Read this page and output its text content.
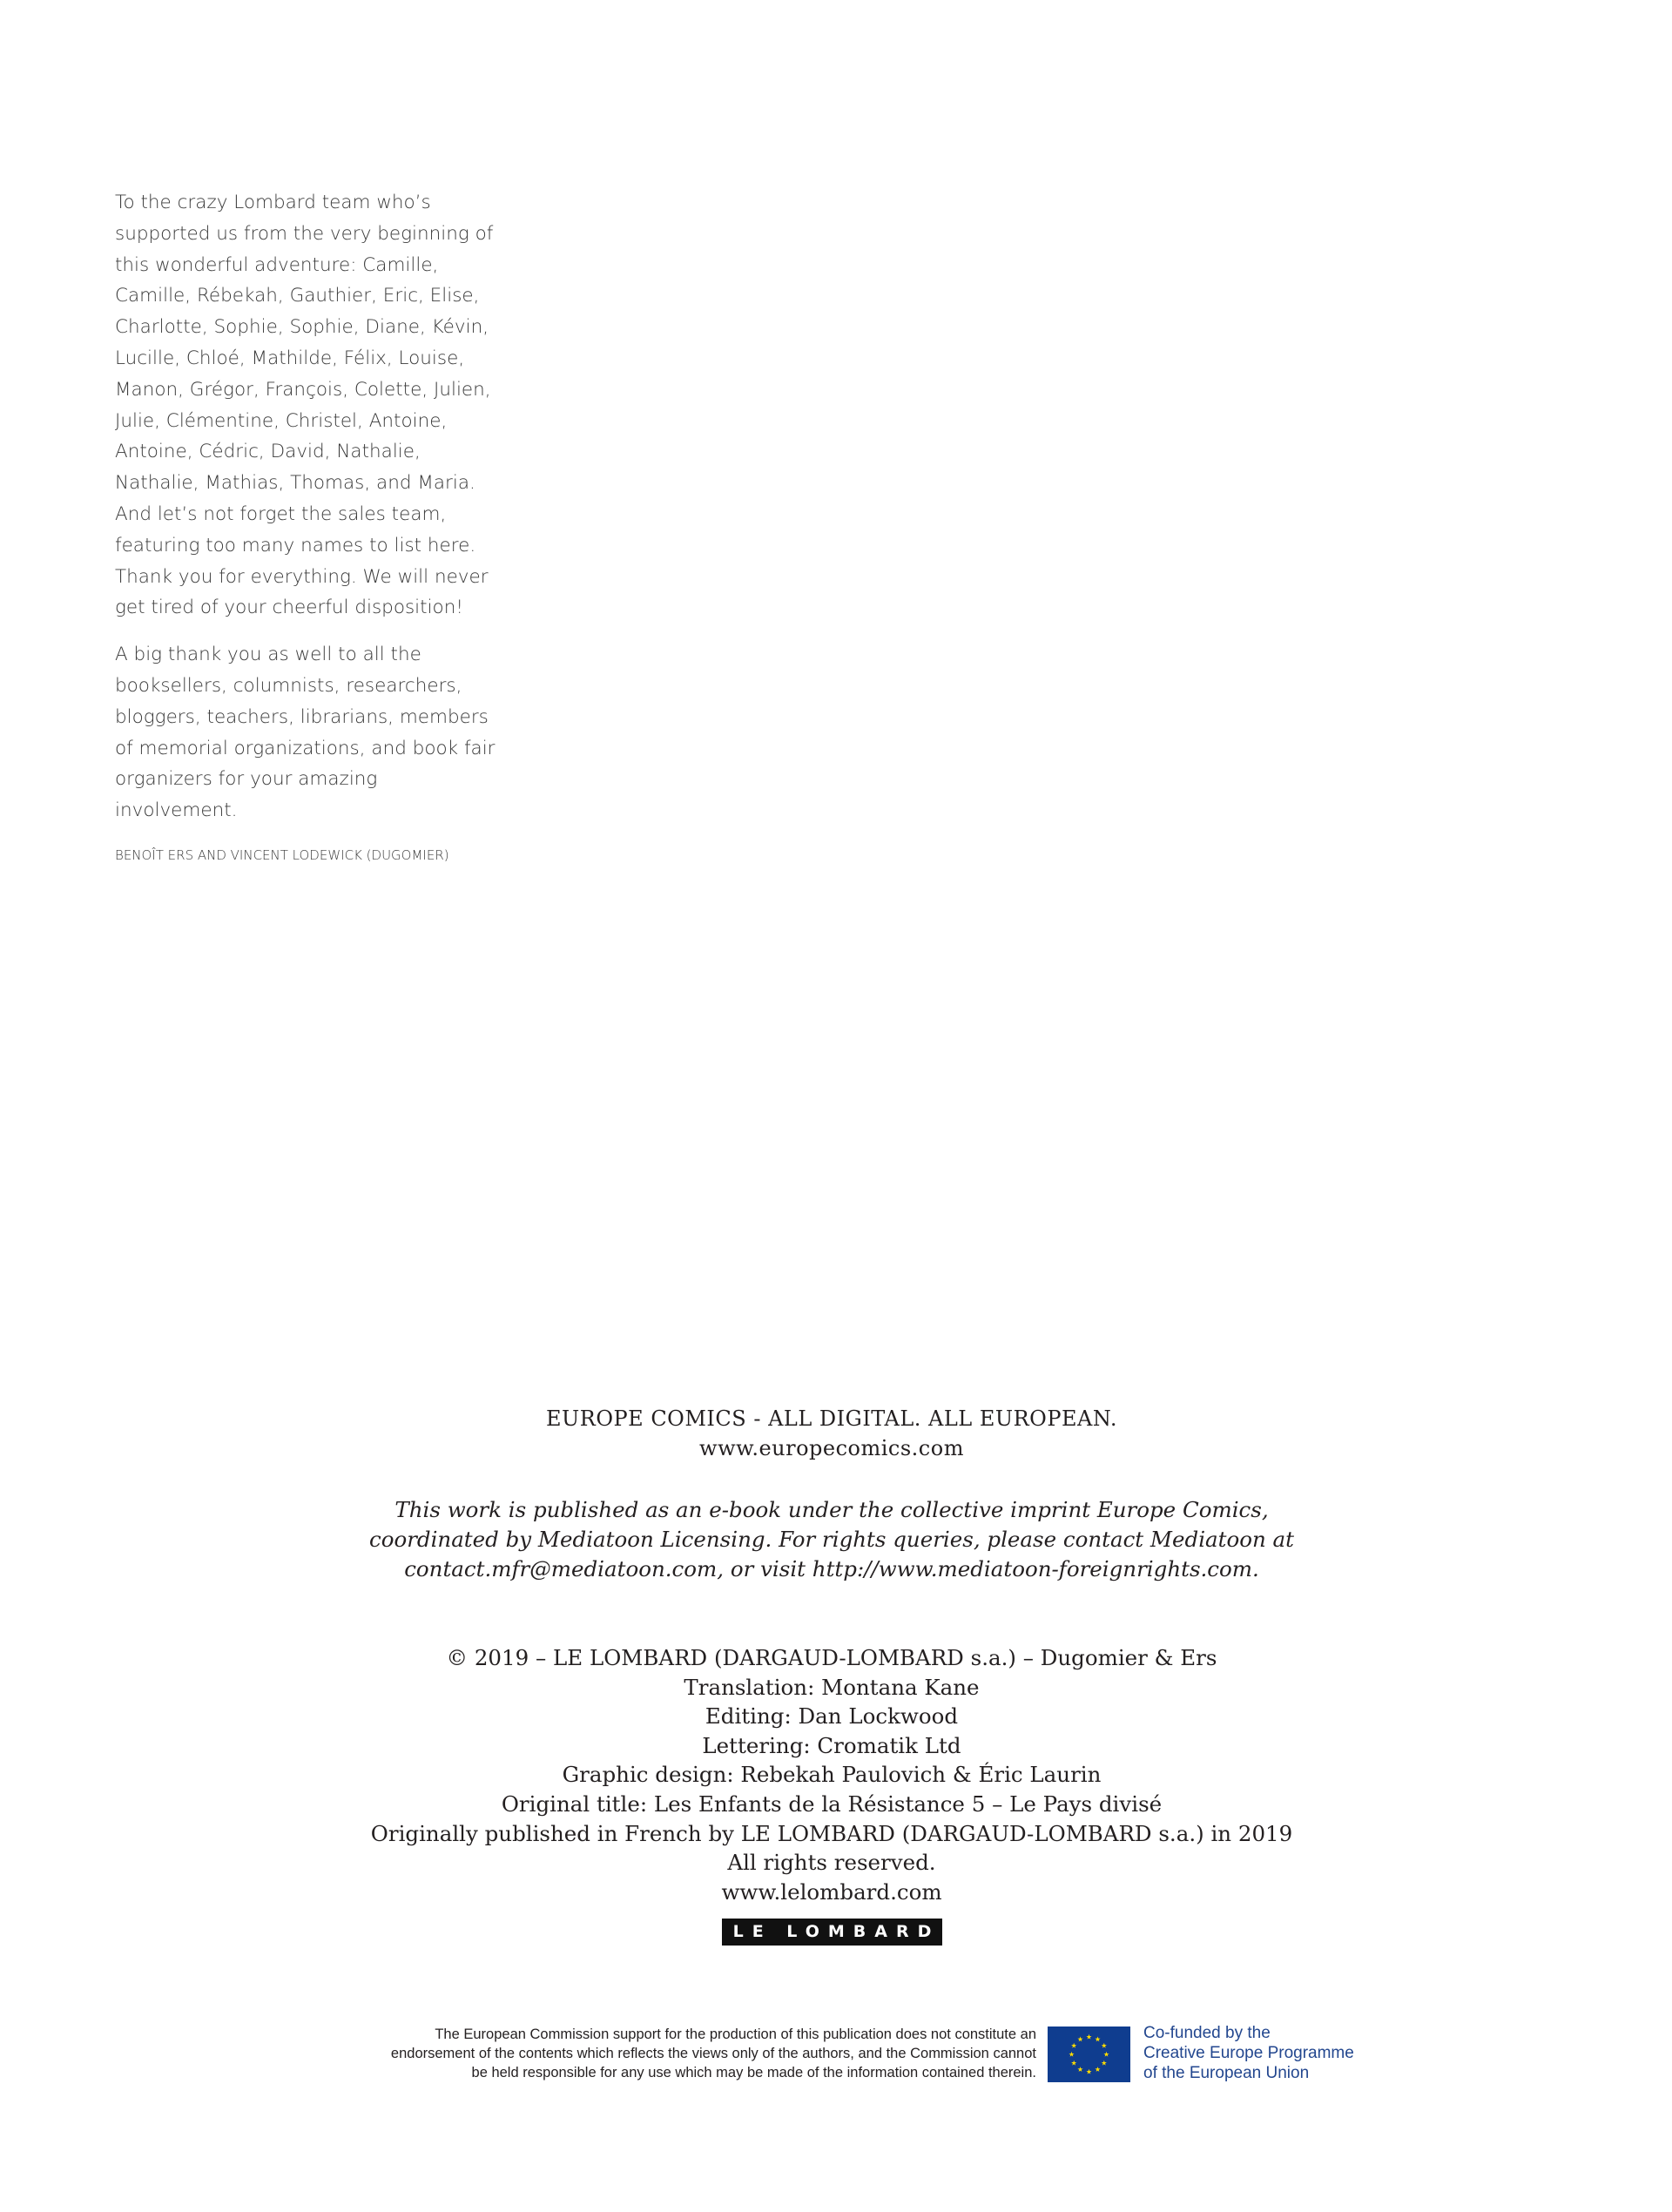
To the crazy Lombard team who’s supported us from the very beginning of this wonderful adventure: Camille, Camille, Rébekah, Gauthier, Eric, Elise, Charlotte, Sophie, Sophie, Diane, Kévin, Lucille, Chloé, Mathilde, Félix, Louise, Manon, Grégor, François, Colette, Julien, Julie, Clémentine, Christel, Antoine, Antoine, Cédric, David, Nathalie, Nathalie, Mathias, Thomas, and Maria. And let’s not forget the sales team, featuring too many names to list here. Thank you for everything. We will never get tired of your cheerful disposition!

A big thank you as well to all the booksellers, columnists, researchers, bloggers, teachers, librarians, members of memorial organizations, and book fair organizers for your amazing involvement.

BENOÎT ERS AND VINCENT LODEWICK (DUGOMIER)
EUROPE COMICS - ALL DIGITAL. ALL EUROPEAN.
www.europecomics.com
This work is published as an e-book under the collective imprint Europe Comics,
coordinated by Mediatoon Licensing. For rights queries, please contact Mediatoon at
contact.mfr@mediatoon.com, or visit http://www.mediatoon-foreignrights.com.
© 2019 – LE LOMBARD (DARGAUD-LOMBARD s.a.) – Dugomier & Ers
Translation: Montana Kane
Editing: Dan Lockwood
Lettering: Cromatik Ltd
Graphic design: Rebekah Paulovich & Éric Laurin
Original title: Les Enfants de la Résistance 5 – Le Pays divisé
Originally published in French by LE LOMBARD (DARGAUD-LOMBARD s.a.) in 2019
All rights reserved.
www.lelombard.com
LE LOMBARD
The European Commission support for the production of this publication does not constitute an
endorsement of the contents which reflects the views only of the authors, and the Commission cannot
be held responsible for any use which may be made of the information contained therein.
Co-funded by the
Creative Europe Programme
of the European Union
